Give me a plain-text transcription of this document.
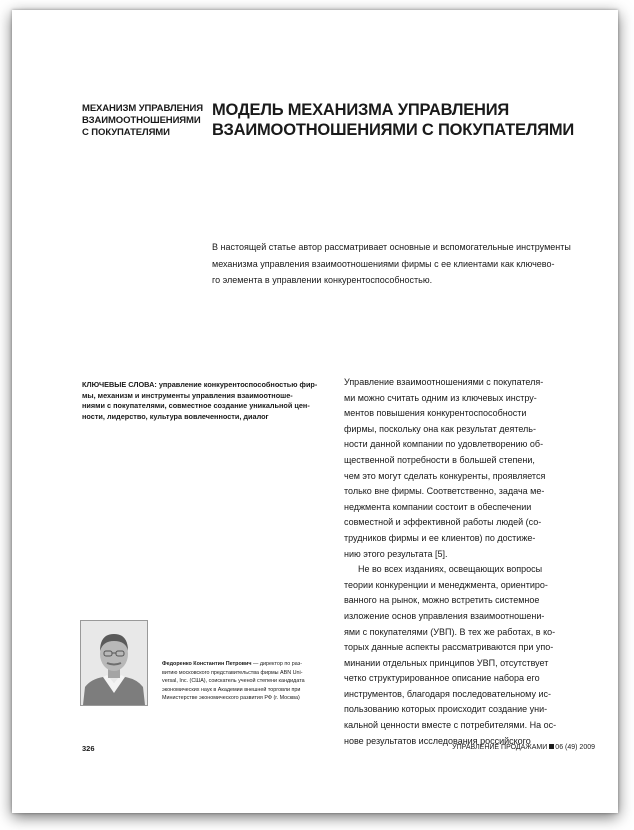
МЕХАНИЗМ УПРАВЛЕНИЯ
ВЗАИМООТНОШЕНИЯМИ
С ПОКУПАТЕЛЯМИ
МОДЕЛЬ МЕХАНИЗМА УПРАВЛЕНИЯ
ВЗАИМООТНОШЕНИЯМИ С ПОКУПАТЕЛЯМИ
В настоящей статье автор рассматривает основные и вспомогательные инструменты
механизма управления взаимоотношениями фирмы с ее клиентами как ключево-
го элемента в управлении конкурентоспособностью.
КЛЮЧЕВЫЕ СЛОВА: управление конкурентоспособностью фир-
мы, механизм и инструменты управления взаимоотноше-
ниями с покупателями, совместное создание уникальной цен-
ности, лидерство, культура вовлеченности, диалог
Управление взаимоотношениями с покупателя-
ми можно считать одним из ключевых инстру-
ментов повышения конкурентоспособности
фирмы, поскольку она как результат деятель-
ности данной компании по удовлетворению об-
щественной потребности в большей степени,
чем это могут сделать конкуренты, проявляется
только вне фирмы. Соответственно, задача ме-
неджмента компании состоит в обеспечении
совместной и эффективной работы людей (со-
трудников фирмы и ее клиентов) по достиже-
нию этого результата [5].
Не во всех изданиях, освещающих вопросы
теории конкуренции и менеджмента, ориентиро-
ванного на рынок, можно встретить системное
изложение основ управления взаимоотношени-
ями с покупателями (УВП). В тех же работах, в ко-
торых данные аспекты рассматриваются при упо-
минании отдельных принципов УВП, отсутствует
четко структурированное описание набора его
инструментов, благодаря последовательному ис-
пользованию которых происходит создание уни-
кальной ценности вместе с потребителями. На ос-
нове результатов исследования российского
Федоренко Константин Петрович — директор по раз-
витию московского представительства фирмы ABN Uni-
versal, Inc. (США), соискатель ученой степени кандидата
экономических наук в Академии внешней торговли при
Министерстве экономического развития РФ (г. Москва)
326	УПРАВЛЕНИЕ ПРОДАЖАМИ 06 (49) 2009
